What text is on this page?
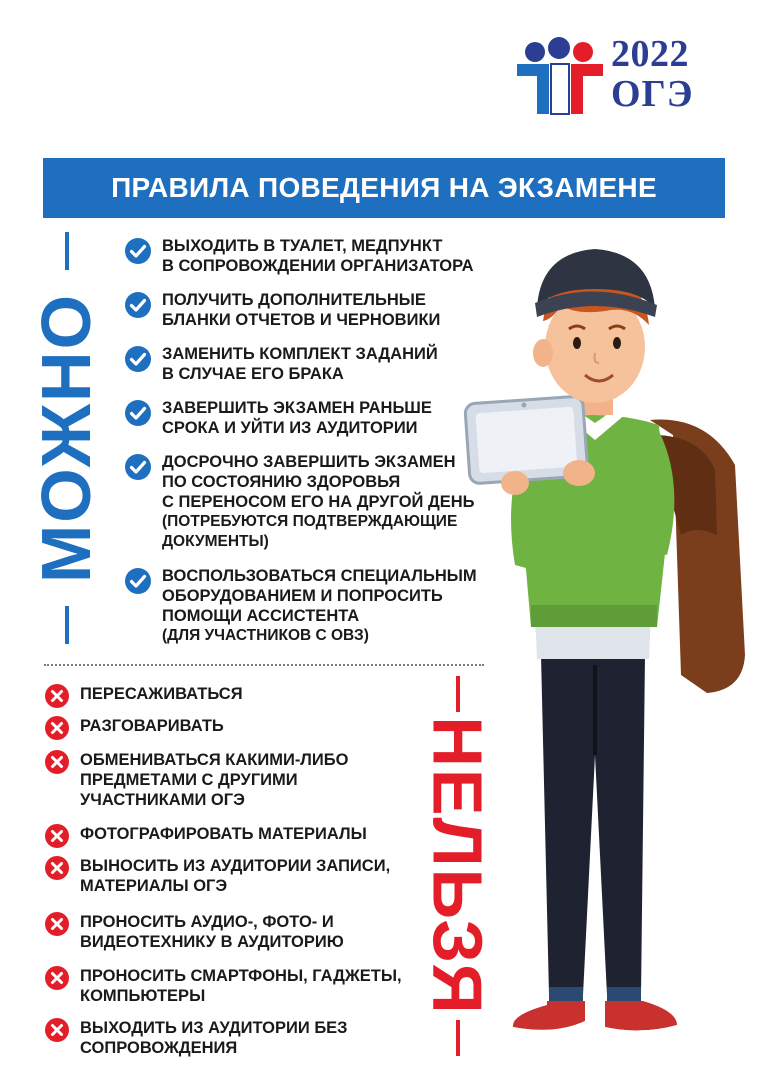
2022
ОГЭ
ПРАВИЛА ПОВЕДЕНИЯ НА ЭКЗАМЕНЕ
МОЖНО
ВЫХОДИТЬ В ТУАЛЕТ, МЕДПУНКТ
В СОПРОВОЖДЕНИИ ОРГАНИЗАТОРА
ПОЛУЧИТЬ ДОПОЛНИТЕЛЬНЫЕ
БЛАНКИ ОТЧЕТОВ И ЧЕРНОВИКИ
ЗАМЕНИТЬ КОМПЛЕКТ ЗАДАНИЙ
В СЛУЧАЕ ЕГО БРАКА
ЗАВЕРШИТЬ ЭКЗАМЕН РАНЬШЕ
СРОКА И УЙТИ ИЗ АУДИТОРИИ
ДОСРОЧНО ЗАВЕРШИТЬ ЭКЗАМЕН
ПО СОСТОЯНИЮ ЗДОРОВЬЯ
С ПЕРЕНОСОМ ЕГО НА ДРУГОЙ ДЕНЬ
(ПОТРЕБУЮТСЯ ПОДТВЕРЖДАЮЩИЕ
ДОКУМЕНТЫ)
ВОСПОЛЬЗОВАТЬСЯ СПЕЦИАЛЬНЫМ
ОБОРУДОВАНИЕМ И ПОПРОСИТЬ
ПОМОЩИ АССИСТЕНТА
(ДЛЯ УЧАСТНИКОВ С ОВЗ)
ПЕРЕСАЖИВАТЬСЯ
РАЗГОВАРИВАТЬ
ОБМЕНИВАТЬСЯ КАКИМИ-ЛИБО
ПРЕДМЕТАМИ С ДРУГИМИ
УЧАСТНИКАМИ ОГЭ
ФОТОГРАФИРОВАТЬ МАТЕРИАЛЫ
ВЫНОСИТЬ ИЗ АУДИТОРИИ ЗАПИСИ,
МАТЕРИАЛЫ ОГЭ
ПРОНОСИТЬ АУДИО-, ФОТО- И
ВИДЕОТЕХНИКУ В АУДИТОРИЮ
ПРОНОСИТЬ СМАРТФОНЫ, ГАДЖЕТЫ,
КОМПЬЮТЕРЫ
ВЫХОДИТЬ ИЗ АУДИТОРИИ БЕЗ
СОПРОВОЖДЕНИЯ
НЕЛЬЗЯ
